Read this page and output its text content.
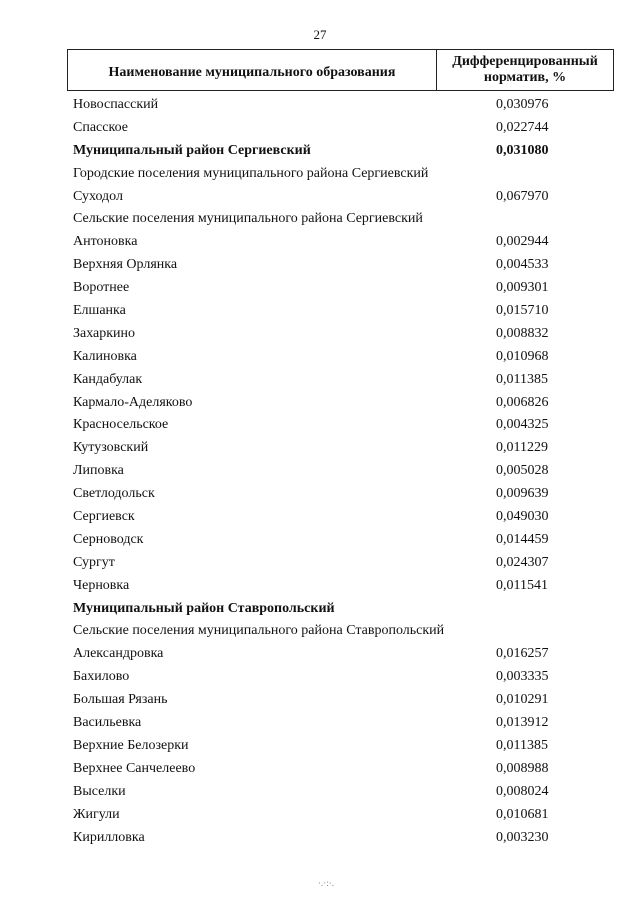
27
Наименование муниципального образования
Дифференцированный
норматив, %
Новоспасский	0,030976
Спасское	0,022744
Муниципальный район Сергиевский	0,031080
Городские поселения муниципального района Сергиевский
Суходол	0,067970
Сельские поселения муниципального района Сергиевский
Антоновка	0,002944
Верхняя Орлянка	0,004533
Воротнее	0,009301
Елшанка	0,015710
Захаркино	0,008832
Калиновка	0,010968
Кандабулак	0,011385
Кармало-Аделяково	0,006826
Красносельское	0,004325
Кутузовский	0,011229
Липовка	0,005028
Светлодольск	0,009639
Сергиевск	0,049030
Серноводск	0,014459
Сургут	0,024307
Черновка	0,011541
Муниципальный район Ставропольский
Сельские поселения муниципального района Ставропольский
Александровка	0,016257
Бахилово	0,003335
Большая Рязань	0,010291
Васильевка	0,013912
Верхние Белозерки	0,011385
Верхнее Санчелеево	0,008988
Выселки	0,008024
Жигули	0,010681
Кирилловка	0,003230
·.·:·.
